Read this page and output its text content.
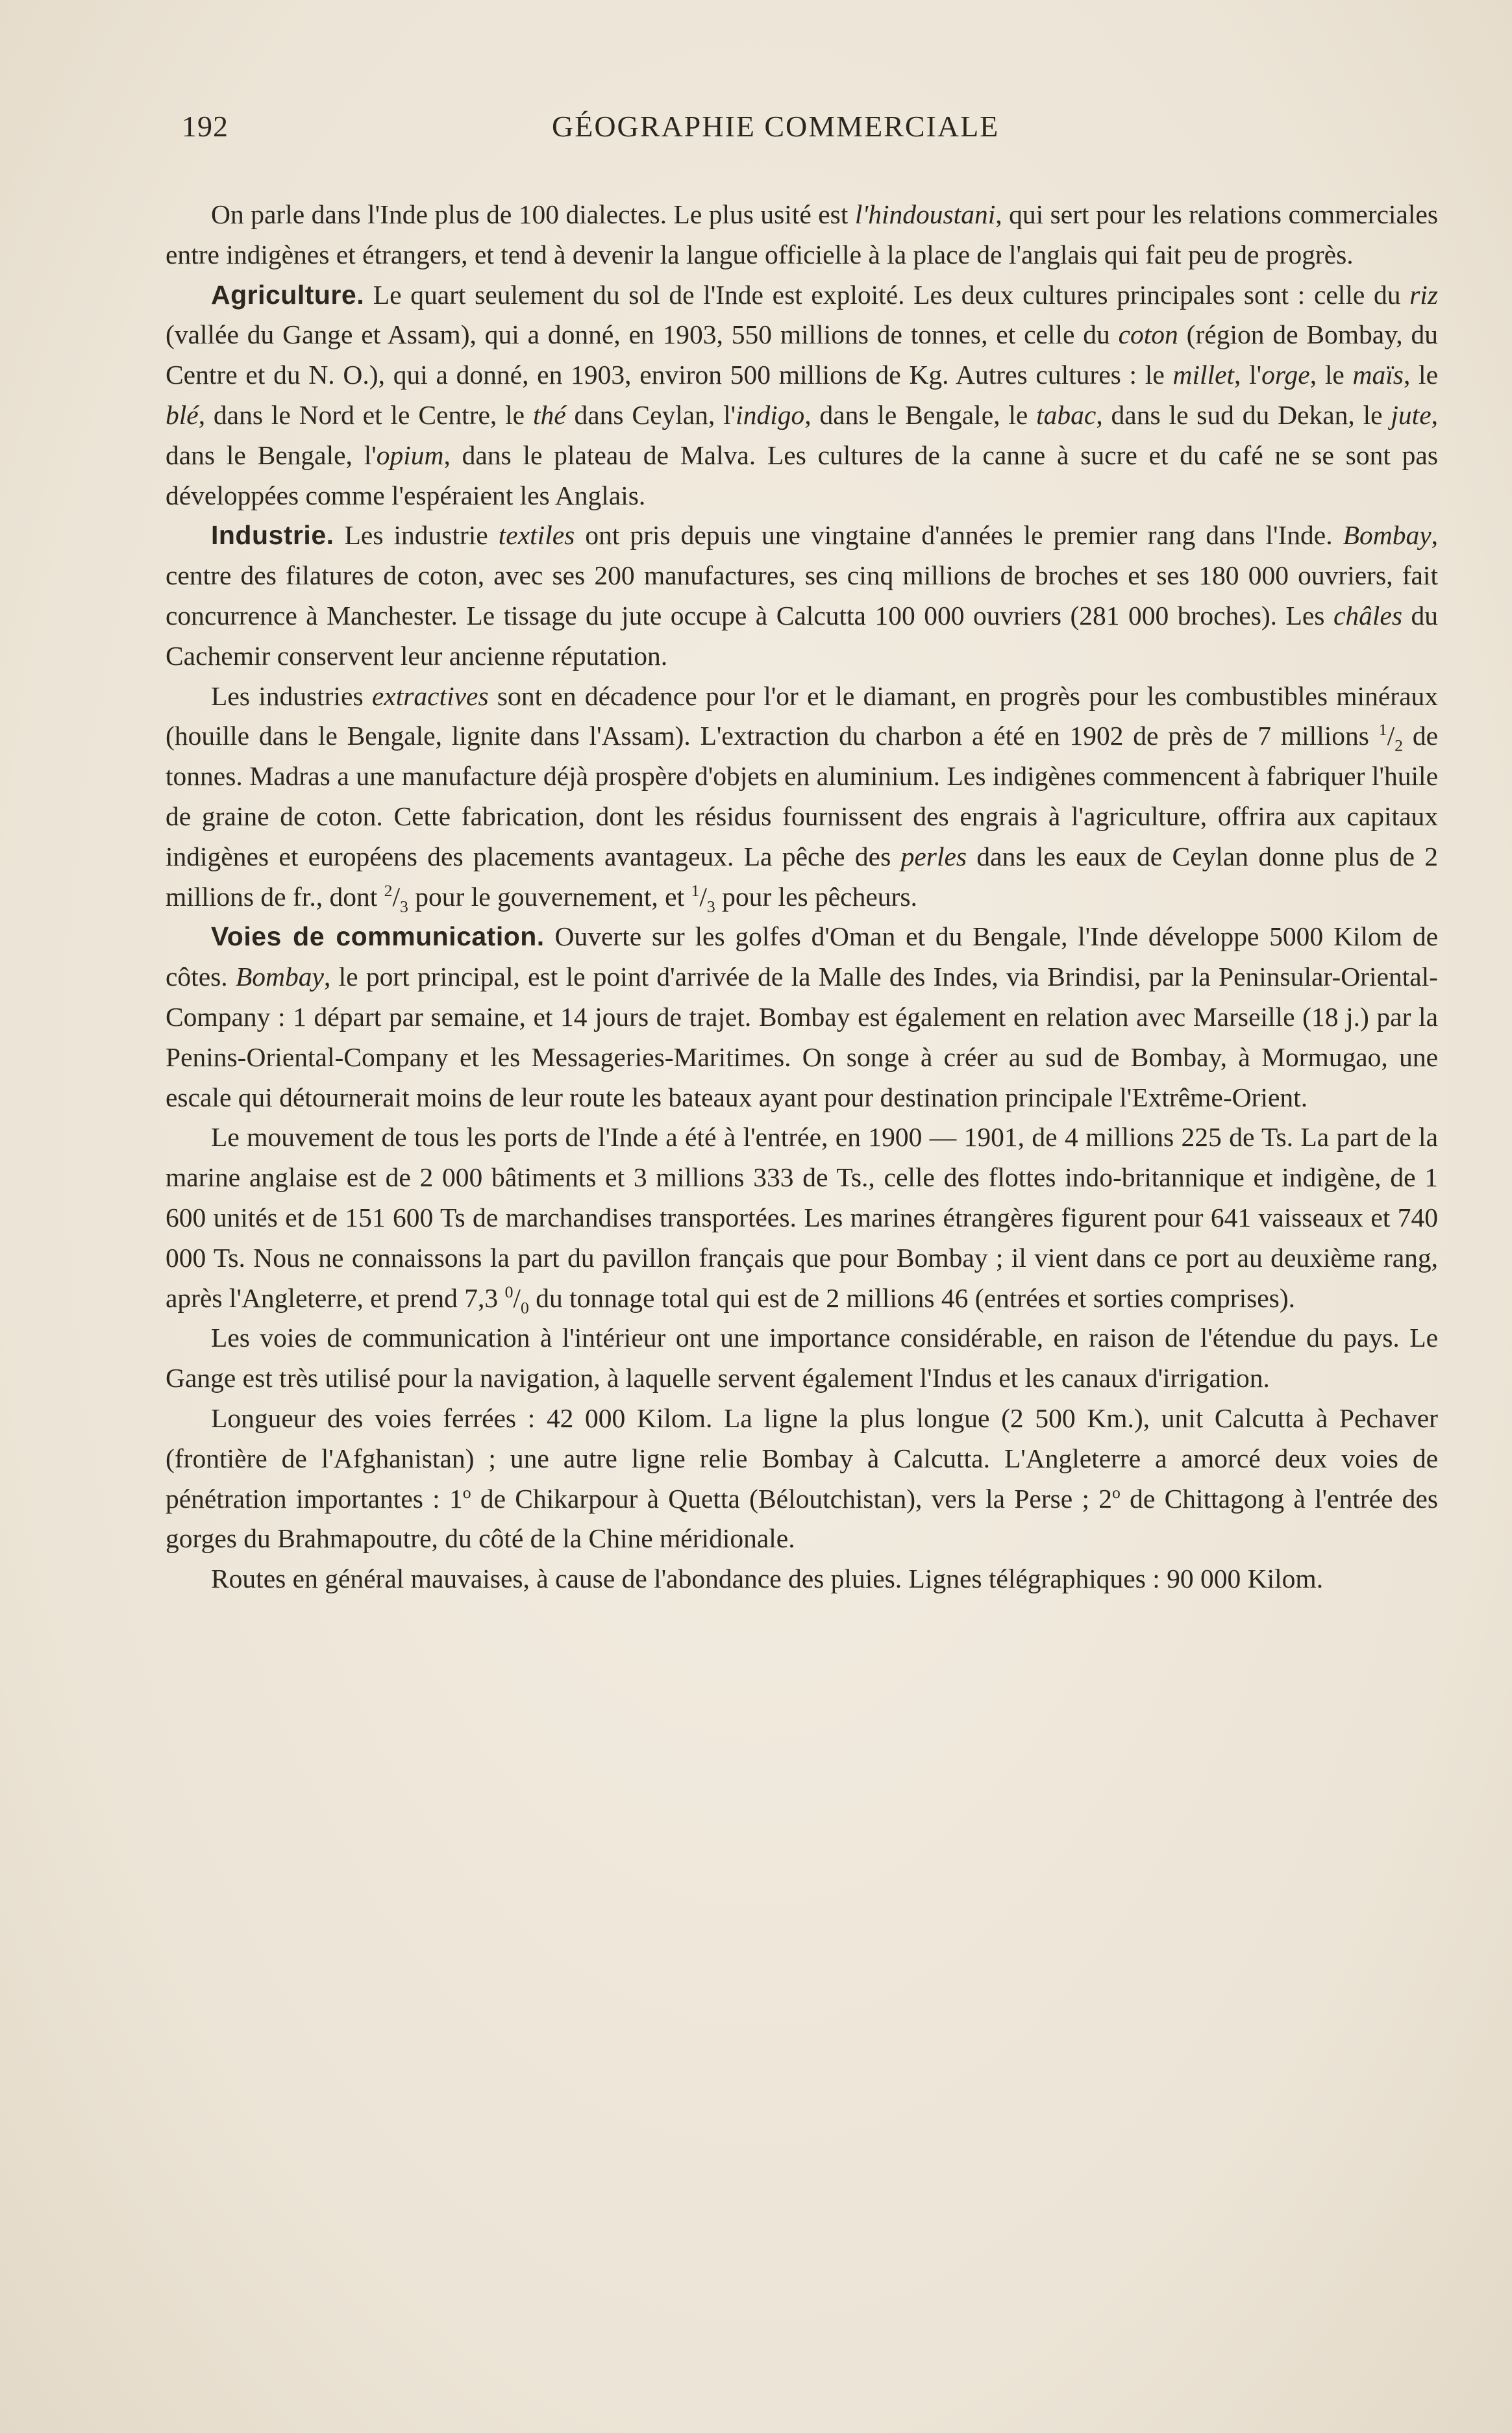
192	GÉOGRAPHIE COMMERCIALE

On parle dans l'Inde plus de 100 dialectes. Le plus usité est l'hindoustani, qui sert pour les relations commerciales entre indigènes et étrangers, et tend à devenir la langue officielle à la place de l'anglais qui fait peu de progrès.

Agriculture. Le quart seulement du sol de l'Inde est exploité. Les deux cultures principales sont : celle du riz (vallée du Gange et Assam), qui a donné, en 1903, 550 millions de tonnes, et celle du coton (région de Bombay, du Centre et du N. O.), qui a donné, en 1903, environ 500 millions de Kg. Autres cultures : le millet, l'orge, le maïs, le blé, dans le Nord et le Centre, le thé dans Ceylan, l'indigo, dans le Bengale, le tabac, dans le sud du Dekan, le jute, dans le Bengale, l'opium, dans le plateau de Malva. Les cultures de la canne à sucre et du café ne se sont pas développées comme l'espéraient les Anglais.

Industrie. Les industrie textiles ont pris depuis une vingtaine d'années le premier rang dans l'Inde. Bombay, centre des filatures de coton, avec ses 200 manufactures, ses cinq millions de broches et ses 180 000 ouvriers, fait concurrence à Manchester. Le tissage du jute occupe à Calcutta 100 000 ouvriers (281 000 broches). Les châles du Cachemir conservent leur ancienne réputation.

Les industries extractives sont en décadence pour l'or et le diamant, en progrès pour les combustibles minéraux (houille dans le Bengale, lignite dans l'Assam). L'extraction du charbon a été en 1902 de près de 7 millions $^1/_2$ de tonnes. Madras a une manufacture déjà prospère d'objets en aluminium. Les indigènes commencent à fabriquer l'huile de graine de coton. Cette fabrication, dont les résidus fournissent des engrais à l'agriculture, offrira aux capitaux indigènes et européens des placements avantageux. La pêche des perles dans les eaux de Ceylan donne plus de 2 millions de fr., dont $^2/_3$ pour le gouvernement, et $^1/_3$ pour les pêcheurs.

Voies de communication. Ouverte sur les golfes d'Oman et du Bengale, l'Inde développe 5000 Kilom de côtes. Bombay, le port principal, est le point d'arrivée de la Malle des Indes, via Brindisi, par la Peninsular-Oriental-Company : 1 départ par semaine, et 14 jours de trajet. Bombay est également en relation avec Marseille (18 j.) par la Penins-Oriental-Company et les Messageries-Maritimes. On songe à créer au sud de Bombay, à Mormugao, une escale qui détournerait moins de leur route les bateaux ayant pour destination principale l'Extrême-Orient.

Le mouvement de tous les ports de l'Inde a été à l'entrée, en 1900 — 1901, de 4 millions 225 de Ts. La part de la marine anglaise est de 2 000 bâtiments et 3 millions 333 de Ts., celle des flottes indo-britannique et indigène, de 1 600 unités et de 151 600 Ts de marchandises transportées. Les marines étrangères figurent pour 641 vaisseaux et 740 000 Ts. Nous ne connaissons la part du pavillon français que pour Bombay ; il vient dans ce port au deuxième rang, après l'Angleterre, et prend 7,3 $^0/_0$ du tonnage total qui est de 2 millions 46 (entrées et sorties comprises).

Les voies de communication à l'intérieur ont une importance considérable, en raison de l'étendue du pays. Le Gange est très utilisé pour la navigation, à laquelle servent également l'Indus et les canaux d'irrigation.

Longueur des voies ferrées : 42 000 Kilom. La ligne la plus longue (2 500 Km.), unit Calcutta à Pechaver (frontière de l'Afghanistan) ; une autre ligne relie Bombay à Calcutta. L'Angleterre a amorcé deux voies de pénétration importantes : 1$^o$ de Chikarpour à Quetta (Béloutchistan), vers la Perse ; 2$^o$ de Chittagong à l'entrée des gorges du Brahmapoutre, du côté de la Chine méridionale.

Routes en général mauvaises, à cause de l'abondance des pluies. Lignes télégraphiques : 90 000 Kilom.
